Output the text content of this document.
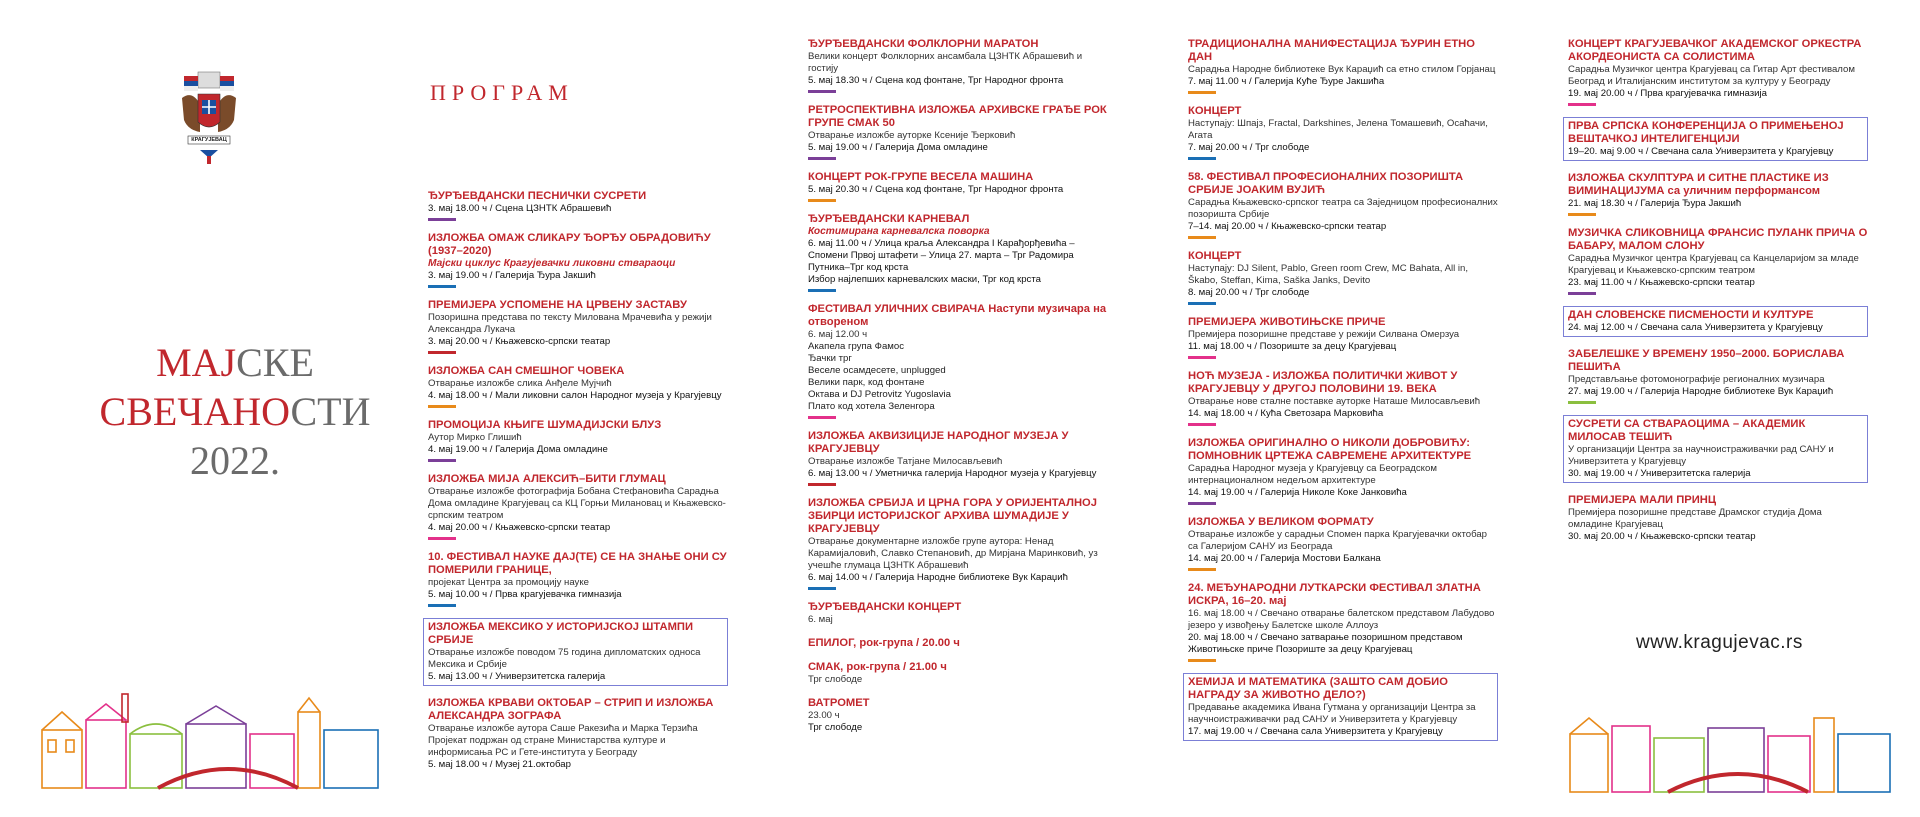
КРАГУЈЕВАЦ
МАЈСКЕ
СВЕЧАНОСТИ
2022.
ПРОГРАМ
ЂУРЂЕВДАНСКИ ПЕСНИЧКИ СУСРЕТИ
3. мај 18.00 ч / Сцена ЦЗНТК Абрашевић
ИЗЛОЖБА ОМАЖ СЛИКАРУ ЂОРЂУ ОБРАДОВИЋУ (1937–2020)
Мајски циклус Крагујевачки ликовни ствараоци
3. мај 19.00 ч / Галерија Ђура Јакшић
ПРЕМИЈЕРА УСПОМЕНЕ НА ЦРВЕНУ ЗАСТАВУ
Позоришна представа по тексту Милована Мрачевића у режији Александра Лукача
3. мај 20.00 ч / Књажевско-српски театар
ИЗЛОЖБА САН СМЕШНОГ ЧОВЕКА
Отварање изложбе слика Анђеле Мујчић
4. мај 18.00 ч / Мали ликовни салон Народног музеја у Крагујевцу
ПРОМОЦИЈА КЊИГЕ ШУМАДИЈСКИ БЛУЗ
Аутор Мирко Глишић
4. мај 19.00 ч / Галерија Дома омладине
ИЗЛОЖБА МИЈА АЛЕКСИЋ–БИТИ ГЛУМАЦ
Отварање изложбе фотографија Бобана Стефановића Сарадња Дома омладине Крагујевац са КЦ Горњи Милановац и Књажевско-српским театром
4. мај 20.00 ч / Књажевско-српски театар
10. ФЕСТИВАЛ НАУКЕ ДАЈ(ТЕ) СЕ НА ЗНАЊЕ ОНИ СУ ПОМЕРИЛИ ГРАНИЦЕ,
пројекат Центра за промоцију науке
5. мај 10.00 ч / Прва крагујевачка гимназија
ИЗЛОЖБА МЕКСИКО У ИСТОРИЈСКОЈ ШТАМПИ СРБИЈЕ
Отварање изложбе поводом 75 година дипломатских односа Мексика и Србије
5. мај 13.00 ч / Универзитетска галерија
ИЗЛОЖБА КРВАВИ ОКТОБАР – СТРИП И ИЗЛОЖБА АЛЕКСАНДРА ЗОГРАФА
Отварање изложбе аутора Саше Ракезића и Марка Терзића Пројекат подржан од стране Министарства културе и информисања РС и Гете-института у Београду
5. мај 18.00 ч / Музеј 21.октобар
ЂУРЂЕВДАНСКИ ФОЛКЛОРНИ МАРАТОН
Велики концерт Фолклорних ансамбала ЦЗНТК Абрашевић и гостију
5. мај 18.30 ч / Сцена код фонтане, Трг Народног фронта
РЕТРОСПЕКТИВНА ИЗЛОЖБА АРХИВСКЕ ГРАЂЕ РОК ГРУПЕ СМАК 50
Отварање изложбе ауторке Ксеније Ђерковић
5. мај 19.00 ч / Галерија Дома омладине
КОНЦЕРТ РОК-ГРУПЕ ВЕСЕЛА МАШИНА
5. мај 20.30 ч / Сцена код фонтане, Трг Народног фронта
ЂУРЂЕВДАНСКИ КАРНЕВАЛ
Костимирана карневалска поворка
6. мај 11.00 ч / Улица краља Александра I Карађорђевића –Спомени Првој штафети – Улица 27. марта – Трг Радомира Путника–Трг код крста
Избор најлепших карневалских маски, Трг код крста
ФЕСТИВАЛ УЛИЧНИХ СВИРАЧА Наступи музичара на отвореном
6. мај 12.00 ч
Акапела група Фамос
Ђачки трг
Веселе осамдесете, unplugged
Велики парк, код фонтане
Октава и DJ Petrovitz Yugoslavia
Плато код хотела Зеленгора
ИЗЛОЖБА АКВИЗИЦИЈЕ НАРОДНОГ МУЗЕЈА У КРАГУЈЕВЦУ
Отварање изложбе Татјане Милосављевић
6. мај 13.00 ч / Уметничка галерија Народног музеја у Крагујевцу
ИЗЛОЖБА СРБИЈА И ЦРНА ГОРА У ОРИЈЕНТАЛНОЈ ЗБИРЦИ ИСТОРИЈСКОГ АРХИВА ШУМАДИЈЕ У КРАГУЈЕВЦУ
Отварање документарне изложбе групе аутора: Ненад Карамијаловић, Славко Степановић, др Мирјана Маринковић, уз учешће глумаца ЦЗНТК Абрашевић
6. мај 14.00 ч / Галерија Народне библиотеке Вук Караџић
ЂУРЂЕВДАНСКИ КОНЦЕРТ
6. мај
ЕПИЛОГ, рок-група / 20.00 ч
СМАК, рок-група / 21.00 ч
Трг слободе
ВАТРОМЕТ
23.00 ч
Трг слободе
ТРАДИЦИОНАЛНА МАНИФЕСТАЦИЈА ЂУРИН ЕТНО ДАН
Сарадња Народне библиотеке Вук Караџић са етно стилом Горјанац
7. мај 11.00 ч / Галерија Куће Ђуре Јакшића
КОНЦЕРТ
Наступају: Шпајз, Fractal, Darkshines, Јелена Томашевић, Осаћачи, Агата
7. мај 20.00 ч / Трг слободе
58. ФЕСТИВАЛ ПРОФЕСИОНАЛНИХ ПОЗОРИШТА СРБИЈЕ ЈОАКИМ ВУЈИЋ
Сарадња Књажевско-српског театра са Заједницом професионалних позоришта Србије
7–14. мај 20.00 ч / Књажевско-српски театар
КОНЦЕРТ
Наступају: DJ Silent, Pablo, Green room Crew, MC Bahata, All in, Škabo, Steffan, Kima, Saška Janks, Devito
8. мај 20.00 ч / Трг слободе
ПРЕМИЈЕРА ЖИВОТИЊСКЕ ПРИЧЕ
Премијера позоришне представе у режији Силвана Омерзуа
11. мај 18.00 ч / Позориште за децу Крагујевац
НОЋ МУЗЕЈА - ИЗЛОЖБА ПОЛИТИЧКИ ЖИВОТ У КРАГУЈЕВЦУ У ДРУГОЈ ПОЛОВИНИ 19. ВЕКА
Отварање нове сталне поставке ауторке Наташе Милосављевић
14. мај 18.00 ч / Кућа Светозара Марковића
ИЗЛОЖБА ОРИГИНАЛНО О НИКОЛИ ДОБРОВИЋУ: ПОМНОВНИК ЦРТЕЖА САВРЕМЕНЕ АРХИТЕКТУРЕ
Сарадња Народног музеја у Крагујевцу са Београдском интернационалном недељом архитектуре
14. мај 19.00 ч / Галерија Николе Коке Јанковића
ИЗЛОЖБА У ВЕЛИКОМ ФОРМАТУ
Отварање изложбе у сарадњи Спомен парка Крагујевачки октобар са Галеријом САНУ из Београда
14. мај 20.00 ч / Галерија Мостови Балкана
24. МЕЂУНАРОДНИ ЛУТКАРСКИ ФЕСТИВАЛ ЗЛАТНА ИСКРА, 16–20. мај
16. мај 18.00 ч / Свечано отварање балетском представом Лабудово језеро у извођењу Балетске школе Аллоуз
20. мај 18.00 ч / Свечано затварање позоришном представом Животињске приче Позориште за децу Крагујевац
ХЕМИЈА И МАТЕМАТИКА (ЗАШТО САМ ДОБИО НАГРАДУ ЗА ЖИВОТНО ДЕЛО?)
Предавање академика Ивана Гутмана у организацији Центра за научноистраживачки рад САНУ и Универзитета у Крагујевцу
17. мај 19.00 ч / Свечана сала Универзитета у Крагујевцу
КОНЦЕРТ КРАГУЈЕВАЧКОГ АКАДЕМСКОГ ОРКЕСТРА АКОРДЕОНИСТА СА СОЛИСТИМА
Сарадња Музичког центра Крагујевац са Гитар Арт фестивалом Београд и Италијанским институтом за културу у Београду
19. мај 20.00 ч / Прва крагујевачка гимназија
ПРВА СРПСКА КОНФЕРЕНЦИЈА О ПРИМЕЊЕНОЈ ВЕШТАЧКОЈ ИНТЕЛИГЕНЦИЈИ
19–20. мај 9.00 ч / Свечана сала Универзитета у Крагујевцу
ИЗЛОЖБА СКУЛПТУРА И СИТНЕ ПЛАСТИКЕ ИЗ ВИМИНАЦИЈУМА са уличним перформансом
21. мај 18.30 ч / Галерија Ђура Јакшић
МУЗИЧКА СЛИКОВНИЦА ФРАНСИС ПУЛАНК ПРИЧА О БАБАРУ, МАЛОМ СЛОНУ
Сарадња Музичког центра Крагујевац са Канцеларијом за младе Крагујевац и Књажевско-српским театром
23. мај 11.00 ч / Књажевско-српски театар
ДАН СЛОВЕНСКЕ ПИСМЕНОСТИ И КУЛТУРЕ
24. мај 12.00 ч / Свечана сала Универзитета у Крагујевцу
ЗАБЕЛЕШКЕ У ВРЕМЕНУ 1950–2000. БОРИСЛАВА ПЕШИЋА
Представљање фотомонографије регионалних музичара
27. мај 19.00 ч / Галерија Народне библиотеке Вук Караџић
СУСРЕТИ СА СТВАРАОЦИМА – АКАДЕМИК МИЛОСАВ ТЕШИЋ
У организацији Центра за научноистраживачки рад САНУ и Универзитета у Крагујевцу
30. мај 19.00 ч / Универзитетска галерија
ПРЕМИЈЕРА МАЛИ ПРИНЦ
Премијера позоришне представе Драмског студија Дома омладине Крагујевац
30. мај 20.00 ч / Књажевско-српски театар
www.kragujevac.rs
